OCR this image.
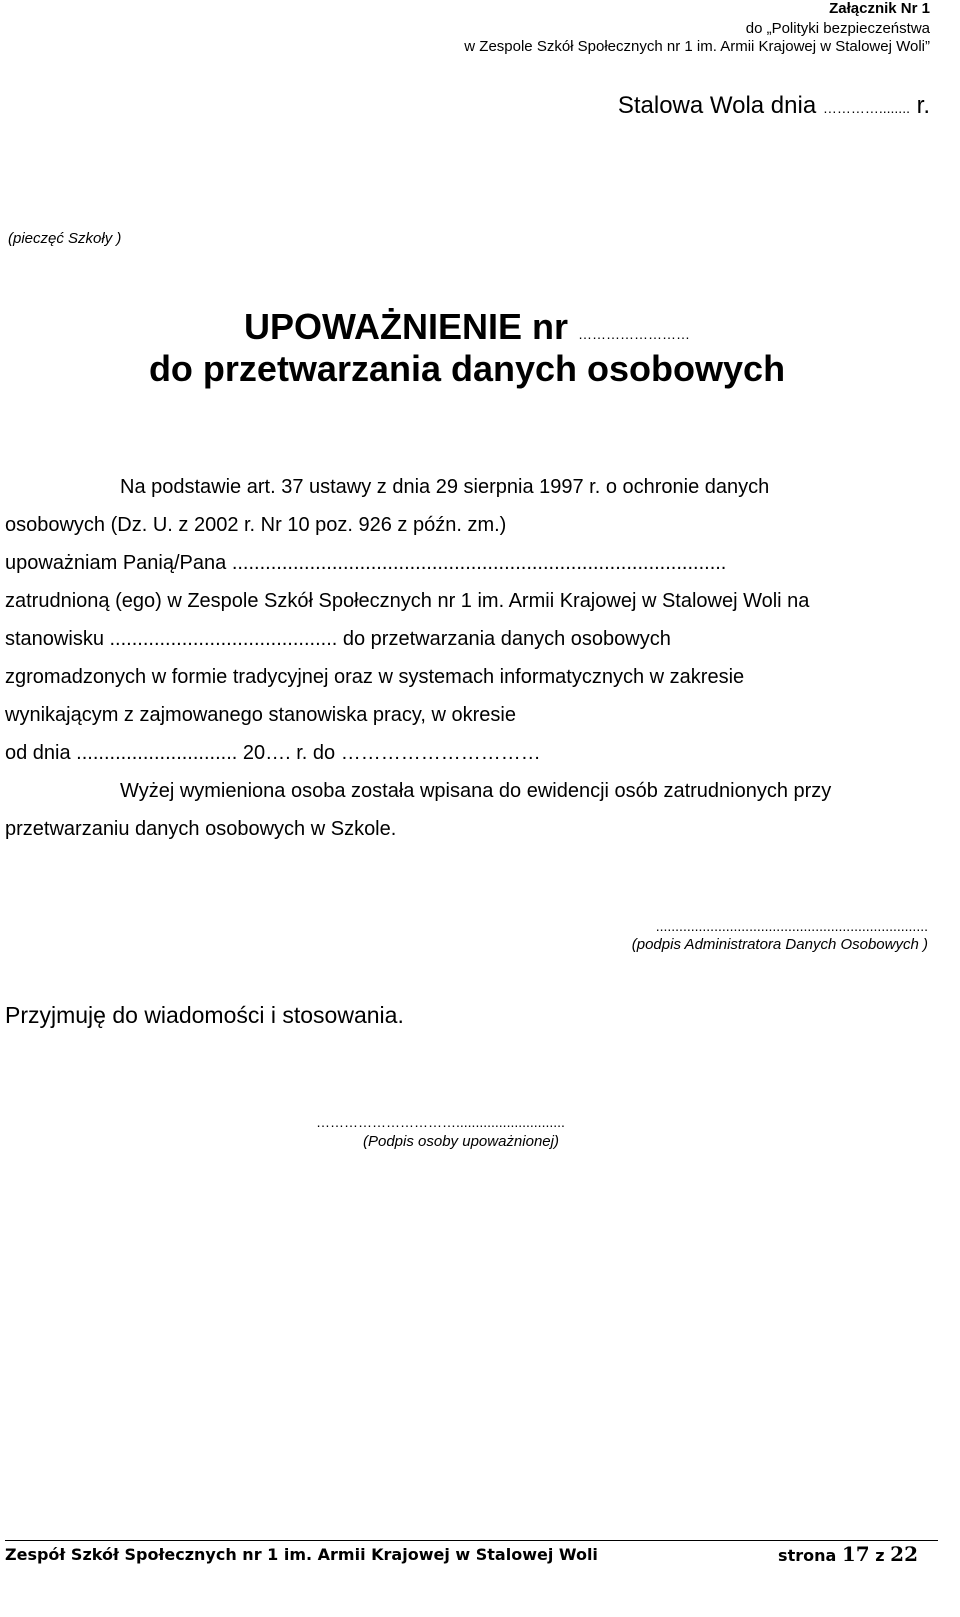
Załącznik Nr 1
do „Polityki bezpieczeństwa
w Zespole Szkół Społecznych nr 1 im. Armii Krajowej w Stalowej Woli”
Stalowa Wola dnia …………........ r.
(pieczęć Szkoły )
UPOWAŻNIENIE nr ……………………
do przetwarzania danych osobowych
Na podstawie art. 37 ustawy z dnia 29 sierpnia 1997 r. o ochronie danych
osobowych (Dz. U. z 2002 r. Nr 10 poz. 926 z późn. zm.)
upoważniam Panią/Pana .........................................................................................
zatrudnioną (ego) w Zespole Szkół Społecznych nr 1 im. Armii Krajowej w Stalowej Woli na
stanowisku ......................................... do przetwarzania danych osobowych
zgromadzonych w formie tradycyjnej oraz w systemach informatycznych w zakresie
wynikającym z zajmowanego stanowiska pracy, w okresie
od dnia ............................. 20…. r. do …………………………
Wyżej wymieniona osoba została wpisana do ewidencji osób zatrudnionych przy
przetwarzaniu danych osobowych w Szkole.
......................................................................
(podpis Administratora Danych Osobowych )
Przyjmuję do wiadomości i stosowania.
…………………………............................
(Podpis osoby upoważnionej)
Zespół Szkół Społecznych nr 1 im. Armii Krajowej w Stalowej Woli	strona 17 z 22
